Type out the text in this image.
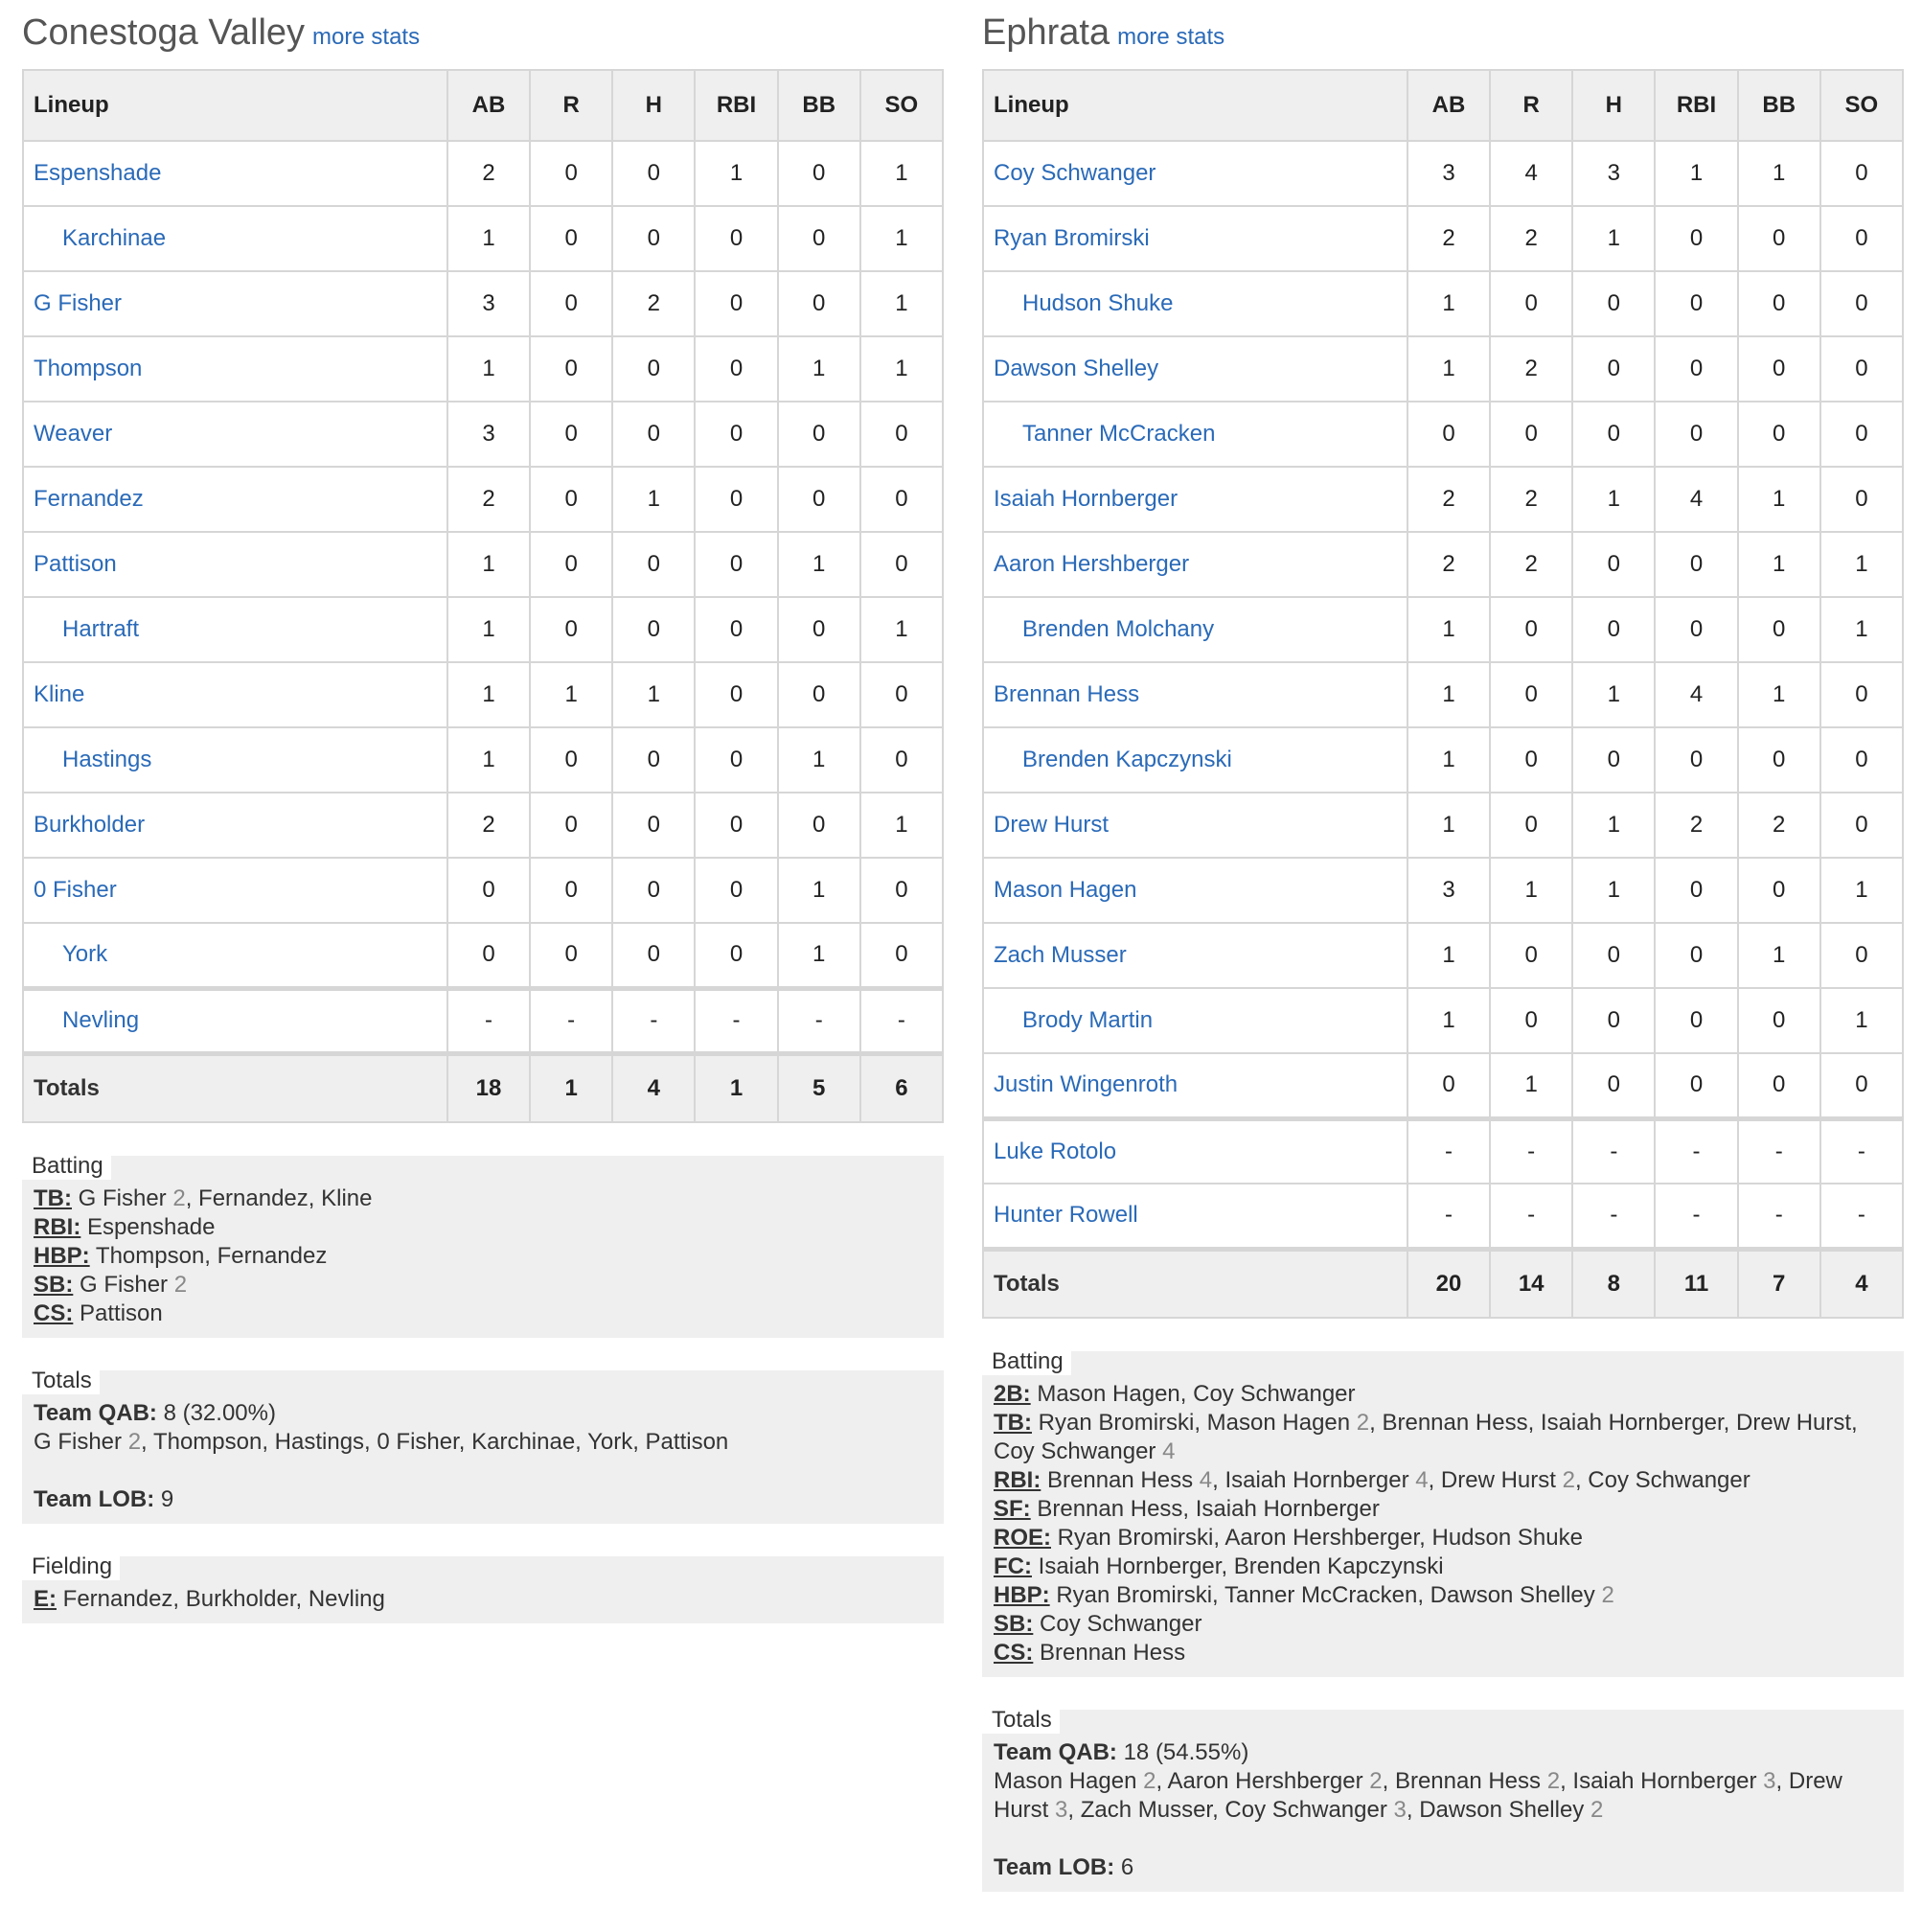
Conestoga Valley more stats
Lineup	AB	R	H	RBI	BB	SO
Espenshade	2	0	0	1	0	1
Karchinae	1	0	0	0	0	1
G Fisher	3	0	2	0	0	1
Thompson	1	0	0	0	1	1
Weaver	3	0	0	0	0	0
Fernandez	2	0	1	0	0	0
Pattison	1	0	0	0	1	0
Hartraft	1	0	0	0	0	1
Kline	1	1	1	0	0	0
Hastings	1	0	0	0	1	0
Burkholder	2	0	0	0	0	1
0 Fisher	0	0	0	0	1	0
York	0	0	0	0	1	0
Nevling	-	-	-	-	-	-
Totals	18	1	4	1	5	6
Batting
TB: G Fisher 2, Fernandez, Kline
RBI: Espenshade
HBP: Thompson, Fernandez
SB: G Fisher 2
CS: Pattison
Totals
Team QAB: 8 (32.00%)
G Fisher 2, Thompson, Hastings, 0 Fisher, Karchinae, York, Pattison
Team LOB: 9
Fielding
E: Fernandez, Burkholder, Nevling
Ephrata more stats
Lineup	AB	R	H	RBI	BB	SO
Coy Schwanger	3	4	3	1	1	0
Ryan Bromirski	2	2	1	0	0	0
Hudson Shuke	1	0	0	0	0	0
Dawson Shelley	1	2	0	0	0	0
Tanner McCracken	0	0	0	0	0	0
Isaiah Hornberger	2	2	1	4	1	0
Aaron Hershberger	2	2	0	0	1	1
Brenden Molchany	1	0	0	0	0	1
Brennan Hess	1	0	1	4	1	0
Brenden Kapczynski	1	0	0	0	0	0
Drew Hurst	1	0	1	2	2	0
Mason Hagen	3	1	1	0	0	1
Zach Musser	1	0	0	0	1	0
Brody Martin	1	0	0	0	0	1
Justin Wingenroth	0	1	0	0	0	0
Luke Rotolo	-	-	-	-	-	-
Hunter Rowell	-	-	-	-	-	-
Totals	20	14	8	11	7	4
Batting
2B: Mason Hagen, Coy Schwanger
TB: Ryan Bromirski, Mason Hagen 2, Brennan Hess, Isaiah Hornberger, Drew Hurst, Coy Schwanger 4
RBI: Brennan Hess 4, Isaiah Hornberger 4, Drew Hurst 2, Coy Schwanger
SF: Brennan Hess, Isaiah Hornberger
ROE: Ryan Bromirski, Aaron Hershberger, Hudson Shuke
FC: Isaiah Hornberger, Brenden Kapczynski
HBP: Ryan Bromirski, Tanner McCracken, Dawson Shelley 2
SB: Coy Schwanger
CS: Brennan Hess
Totals
Team QAB: 18 (54.55%)
Mason Hagen 2, Aaron Hershberger 2, Brennan Hess 2, Isaiah Hornberger 3, Drew Hurst 3, Zach Musser, Coy Schwanger 3, Dawson Shelley 2
Team LOB: 6
